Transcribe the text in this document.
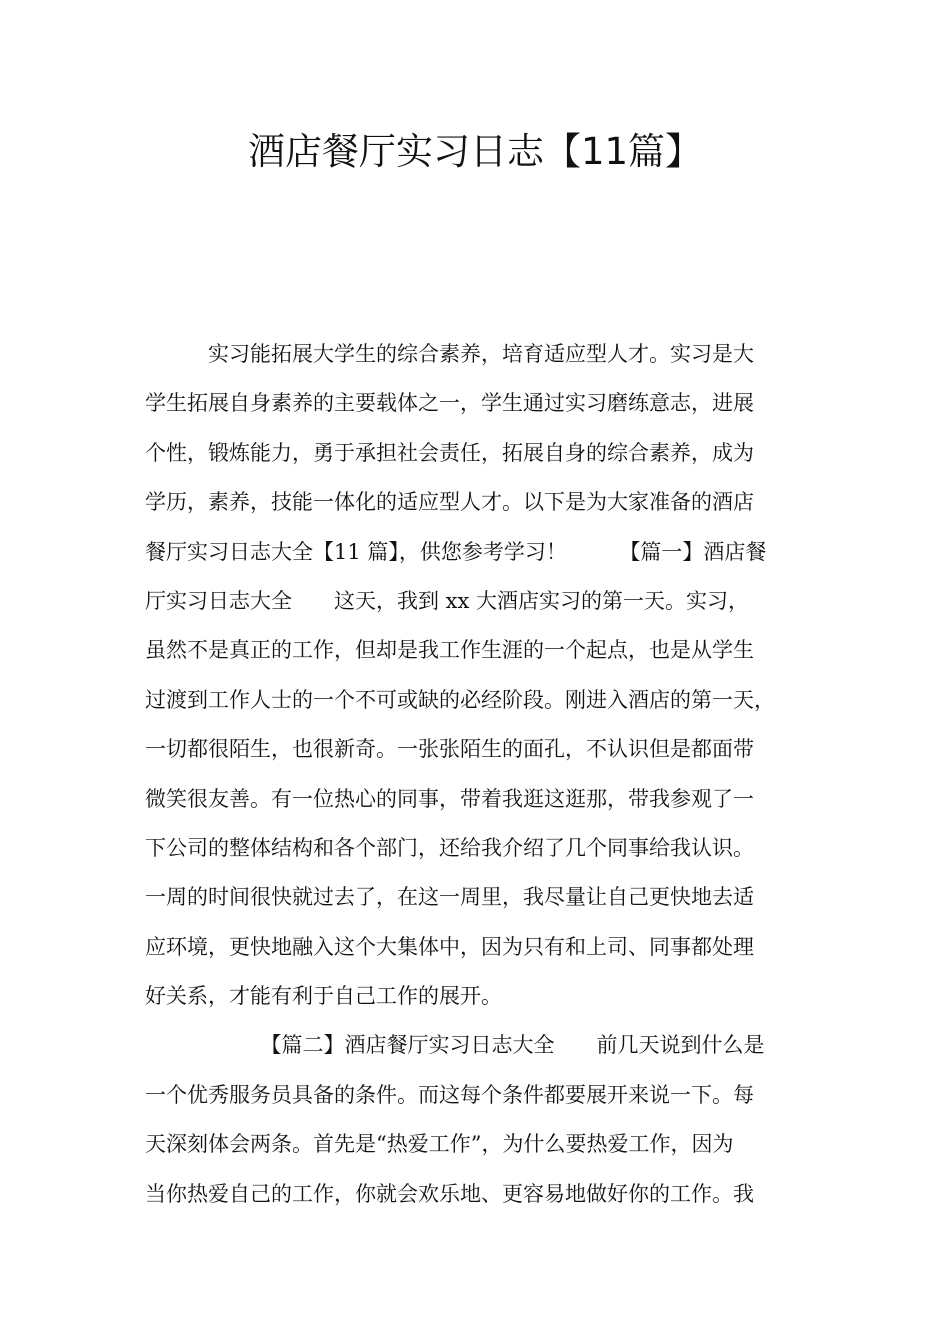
酒店餐厅实习日志【11篇】
　　　实习能拓展大学生的综合素养，培育适应型人才。实习是大
学生拓展自身素养的主要载体之一，学生通过实习磨练意志，进展
个性，锻炼能力，勇于承担社会责任，拓展自身的综合素养，成为
学历，素养，技能一体化的适应型人才。以下是为大家准备的酒店
餐厅实习日志大全【11 篇】，供您参考学习！　　　【篇一】酒店餐
厅实习日志大全　　这天，我到 xx 大酒店实习的第一天。实习，
虽然不是真正的工作，但却是我工作生涯的一个起点，也是从学生
过渡到工作人士的一个不可或缺的必经阶段。刚进入酒店的第一天，
一切都很陌生，也很新奇。一张张陌生的面孔，不认识但是都面带
微笑很友善。有一位热心的同事，带着我逛这逛那，带我参观了一
下公司的整体结构和各个部门，还给我介绍了几个同事给我认识。
一周的时间很快就过去了，在这一周里，我尽量让自己更快地去适
应环境，更快地融入这个大集体中，因为只有和上司、同事都处理
好关系，才能有利于自己工作的展开。
　　　　　　【篇二】酒店餐厅实习日志大全　　前几天说到什么是
一个优秀服务员具备的条件。而这每个条件都要展开来说一下。每
天深刻体会两条。首先是“热爱工作”，为什么要热爱工作，因为
当你热爱自己的工作，你就会欢乐地、更容易地做好你的工作。我
